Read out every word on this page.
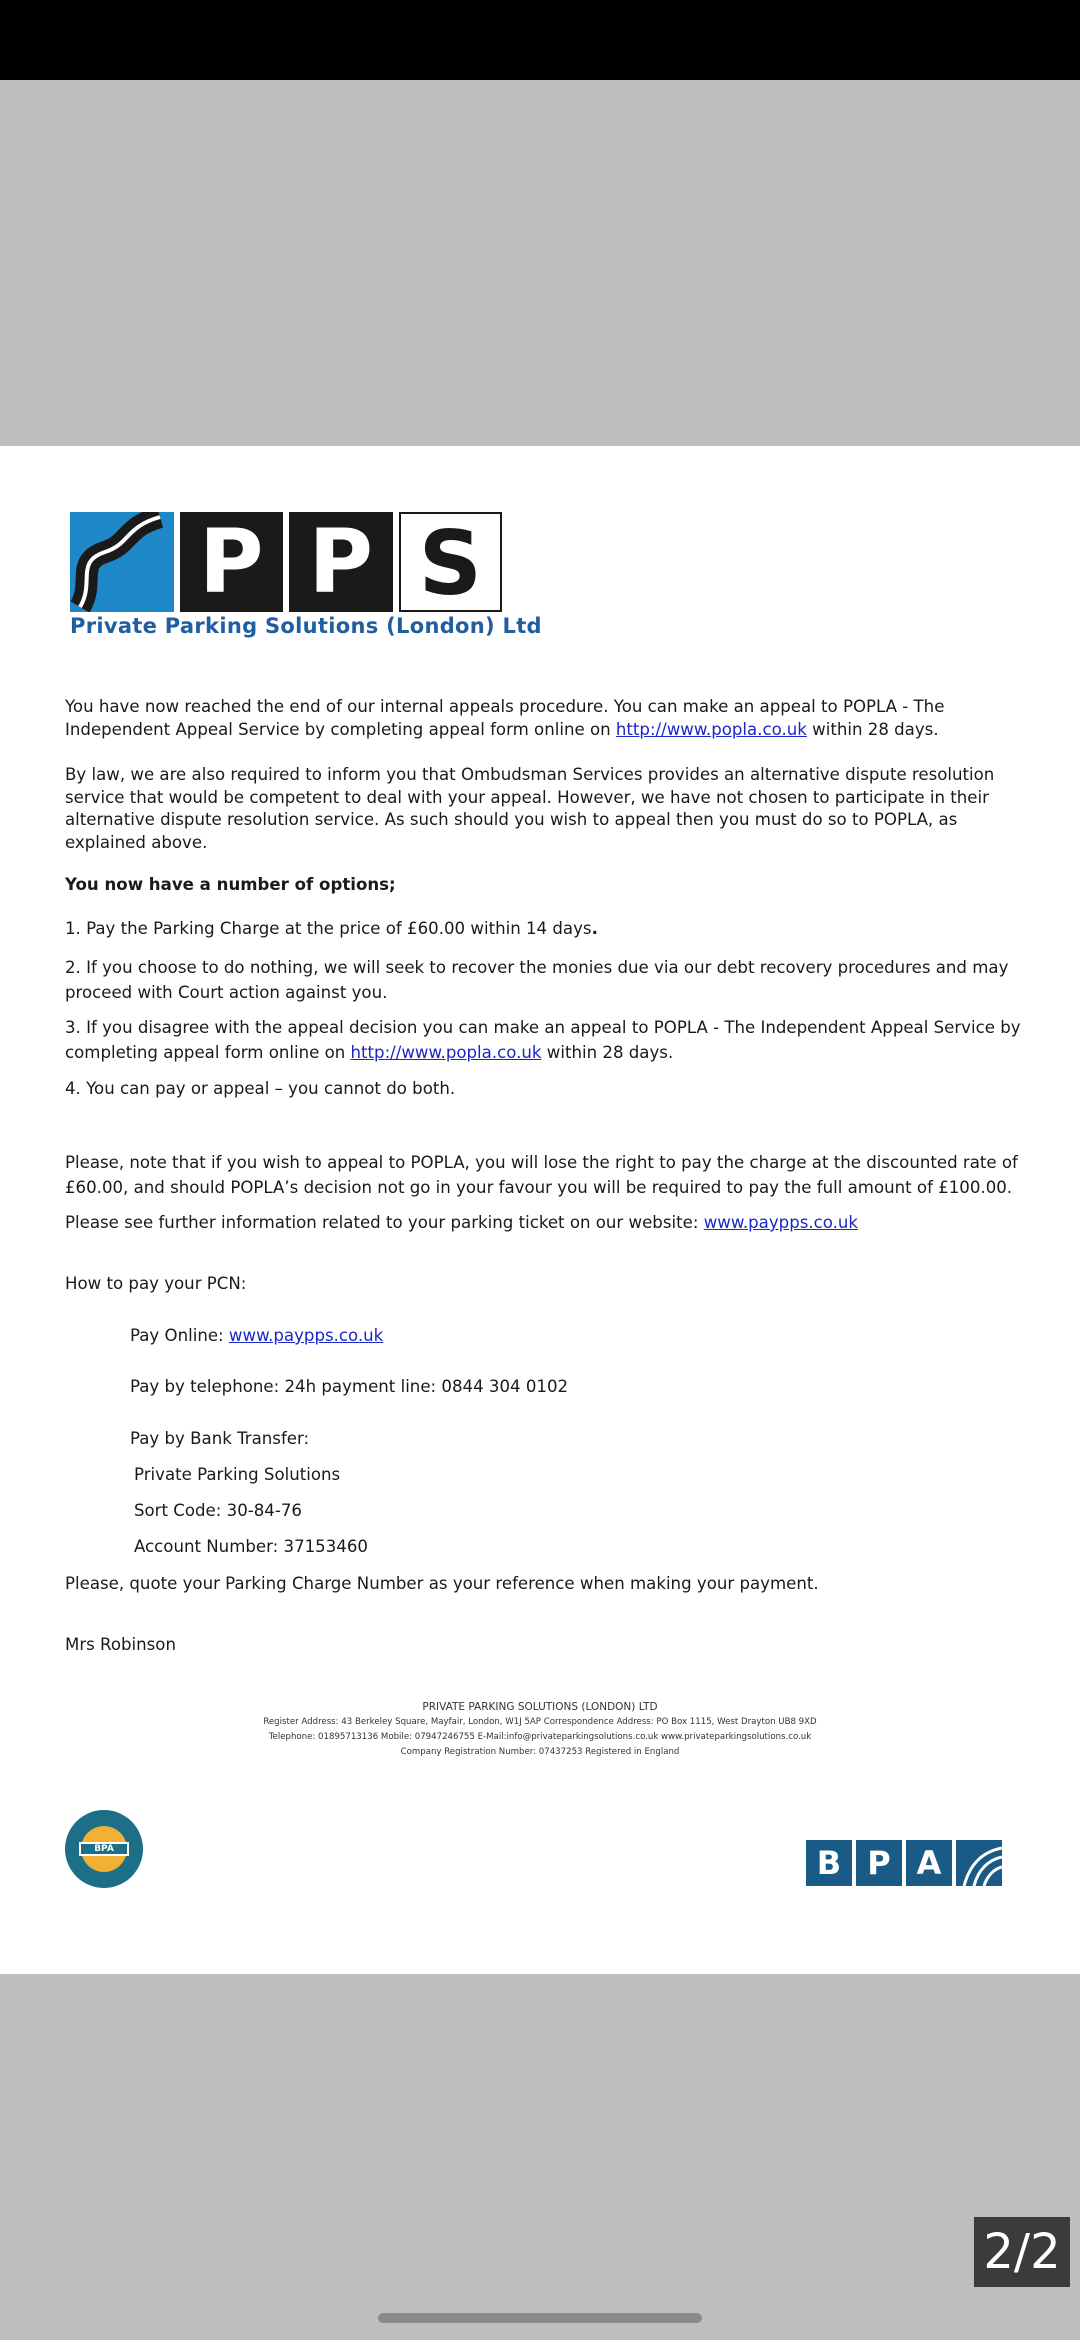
P P S
Private Parking Solutions (London) Ltd

You have now reached the end of our internal appeals procedure. You can make an appeal to POPLA - The Independent Appeal Service by completing appeal form online on http://www.popla.co.uk within 28 days.

By law, we are also required to inform you that Ombudsman Services provides an alternative dispute resolution service that would be competent to deal with your appeal. However, we have not chosen to participate in their alternative dispute resolution service. As such should you wish to appeal then you must do so to POPLA, as explained above.

You now have a number of options;

1. Pay the Parking Charge at the price of £60.00 within 14 days.

2. If you choose to do nothing, we will seek to recover the monies due via our debt recovery procedures and may proceed with Court action against you.

3. If you disagree with the appeal decision you can make an appeal to POPLA - The Independent Appeal Service by completing appeal form online on http://www.popla.co.uk within 28 days.

4. You can pay or appeal – you cannot do both.

Please, note that if you wish to appeal to POPLA, you will lose the right to pay the charge at the discounted rate of £60.00, and should POPLA’s decision not go in your favour you will be required to pay the full amount of £100.00.

Please see further information related to your parking ticket on our website: www.paypps.co.uk

How to pay your PCN:

Pay Online: www.paypps.co.uk

Pay by telephone: 24h payment line: 0844 304 0102

Pay by Bank Transfer:

Private Parking Solutions

Sort Code: 30-84-76

Account Number: 37153460

Please, quote your Parking Charge Number as your reference when making your payment.

Mrs Robinson

PRIVATE PARKING SOLUTIONS (LONDON) LTD
Register Address: 43 Berkeley Square, Mayfair, London, W1J 5AP Correspondence Address: PO Box 1115, West Drayton UB8 9XD
Telephone: 01895713136 Mobile: 07947246755 E-Mail:info@privateparkingsolutions.co.uk www.privateparkingsolutions.co.uk
Company Registration Number: 07437253 Registered in England
BPA	B P A
2/2
